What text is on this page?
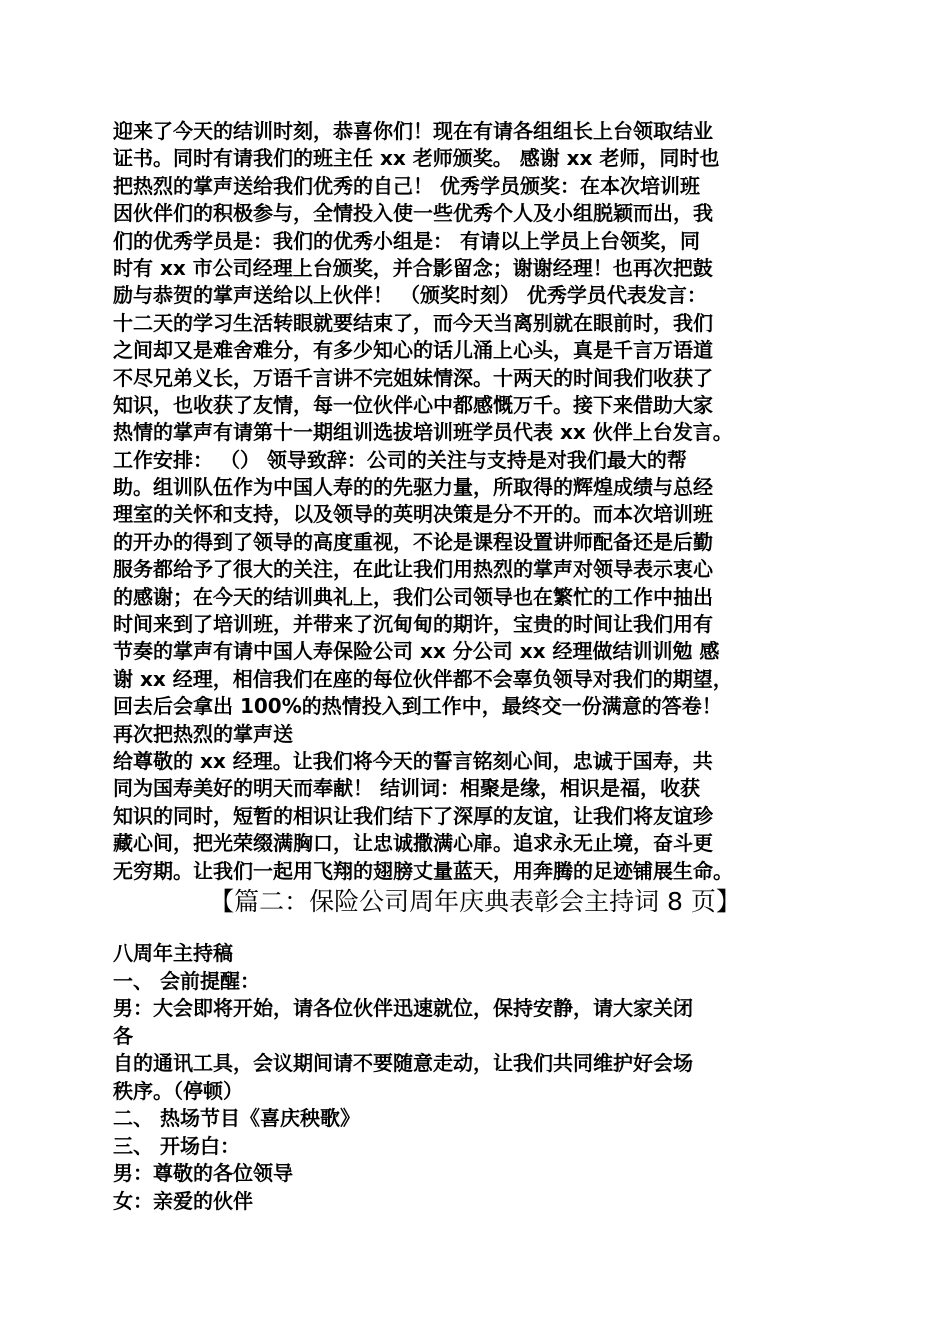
迎来了今天的结训时刻，恭喜你们！现在有请各组组长上台领取结业
证书。同时有请我们的班主任 xx 老师颁奖。 感谢 xx 老师，同时也
把热烈的掌声送给我们优秀的自己！ 优秀学员颁奖：在本次培训班
因伙伴们的积极参与，全情投入使一些优秀个人及小组脱颖而出，我
们的优秀学员是：我们的优秀小组是： 有请以上学员上台领奖，同
时有 xx 市公司经理上台颁奖，并合影留念；谢谢经理！也再次把鼓
励与恭贺的掌声送给以上伙伴！ （颁奖时刻） 优秀学员代表发言：
十二天的学习生活转眼就要结束了，而今天当离别就在眼前时，我们
之间却又是难舍难分，有多少知心的话儿涌上心头，真是千言万语道
不尽兄弟义长，万语千言讲不完姐妹情深。十两天的时间我们收获了
知识，也收获了友情，每一位伙伴心中都感慨万千。接下来借助大家
热情的掌声有请第十一期组训选拔培训班学员代表 xx 伙伴上台发言。
工作安排： （） 领导致辞：公司的关注与支持是对我们最大的帮
助。组训队伍作为中国人寿的的先驱力量，所取得的辉煌成绩与总经
理室的关怀和支持，以及领导的英明决策是分不开的。而本次培训班
的开办的得到了领导的高度重视，不论是课程设置讲师配备还是后勤
服务都给予了很大的关注，在此让我们用热烈的掌声对领导表示衷心
的感谢；在今天的结训典礼上，我们公司领导也在繁忙的工作中抽出
时间来到了培训班，并带来了沉甸甸的期许，宝贵的时间让我们用有
节奏的掌声有请中国人寿保险公司 xx 分公司 xx 经理做结训训勉 感
谢 xx 经理，相信我们在座的每位伙伴都不会辜负领导对我们的期望，
回去后会拿出 100%的热情投入到工作中，最终交一份满意的答卷！
再次把热烈的掌声送
给尊敬的 xx 经理。让我们将今天的誓言铭刻心间，忠诚于国寿，共
同为国寿美好的明天而奉献！ 结训词：相聚是缘，相识是福，收获
知识的同时，短暂的相识让我们结下了深厚的友谊，让我们将友谊珍
藏心间，把光荣缀满胸口，让忠诚撒满心扉。追求永无止境，奋斗更
无穷期。让我们一起用飞翔的翅膀丈量蓝天，用奔腾的足迹铺展生命。
【篇二：保险公司周年庆典表彰会主持词 8 页】
八周年主持稿
一、 会前提醒：
男：大会即将开始，请各位伙伴迅速就位，保持安静，请大家关闭
各
自的通讯工具，会议期间请不要随意走动，让我们共同维护好会场
秩序。（停顿）
二、 热场节目《喜庆秧歌》
三、 开场白：
男：尊敬的各位领导
女：亲爱的伙伴
